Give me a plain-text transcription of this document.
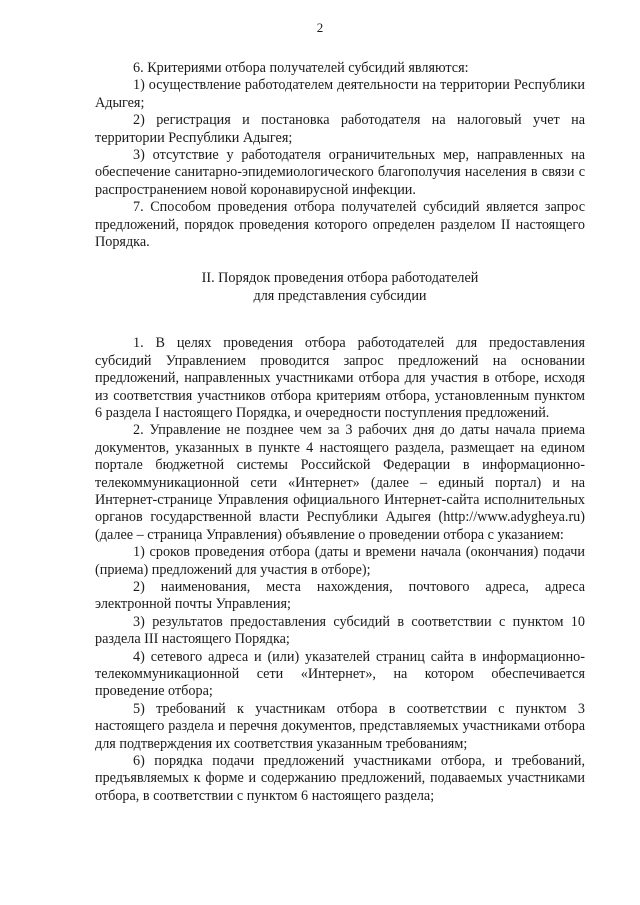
2

6. Критериями отбора получателей субсидий являются:

1) осуществление работодателем деятельности на территории Республики Адыгея;

2) регистрация и постановка работодателя на налоговый учет на территории Республики Адыгея;

3) отсутствие у работодателя ограничительных мер, направленных на обеспечение санитарно-эпидемиологического благополучия населения в связи с распространением новой коронавирусной инфекции.

7. Способом проведения отбора получателей субсидий является запрос предложений, порядок проведения которого определен разделом II настоящего Порядка.

II. Порядок проведения отбора работодателей
для представления субсидии

1. В целях проведения отбора работодателей для предоставления субсидий Управлением проводится запрос предложений на основании предложений, направленных участниками отбора для участия в отборе, исходя из соответствия участников отбора критериям отбора, установленным пунктом 6 раздела I настоящего Порядка, и очередности поступления предложений.

2. Управление не позднее чем за 3 рабочих дня до даты начала приема документов, указанных в пункте 4 настоящего раздела, размещает на едином портале бюджетной системы Российской Федерации в информационно-телекоммуникационной сети «Интернет» (далее – единый портал) и на Интернет-странице Управления официального Интернет-сайта исполнительных органов государственной власти Республики Адыгея (http://www.adygheya.ru) (далее – страница Управления) объявление о проведении отбора с указанием:

1) сроков проведения отбора (даты и времени начала (окончания) подачи (приема) предложений для участия в отборе);

2) наименования, места нахождения, почтового адреса, адреса электронной почты Управления;

3) результатов предоставления субсидий в соответствии с пунктом 10 раздела III настоящего Порядка;

4) сетевого адреса и (или) указателей страниц сайта в информационно-телекоммуникационной сети «Интернет», на котором обеспечивается проведение отбора;

5) требований к участникам отбора в соответствии с пунктом 3 настоящего раздела и перечня документов, представляемых участниками отбора для подтверждения их соответствия указанным требованиям;

6) порядка подачи предложений участниками отбора, и требований, предъявляемых к форме и содержанию предложений, подаваемых участниками отбора, в соответствии с пунктом 6 настоящего раздела;
